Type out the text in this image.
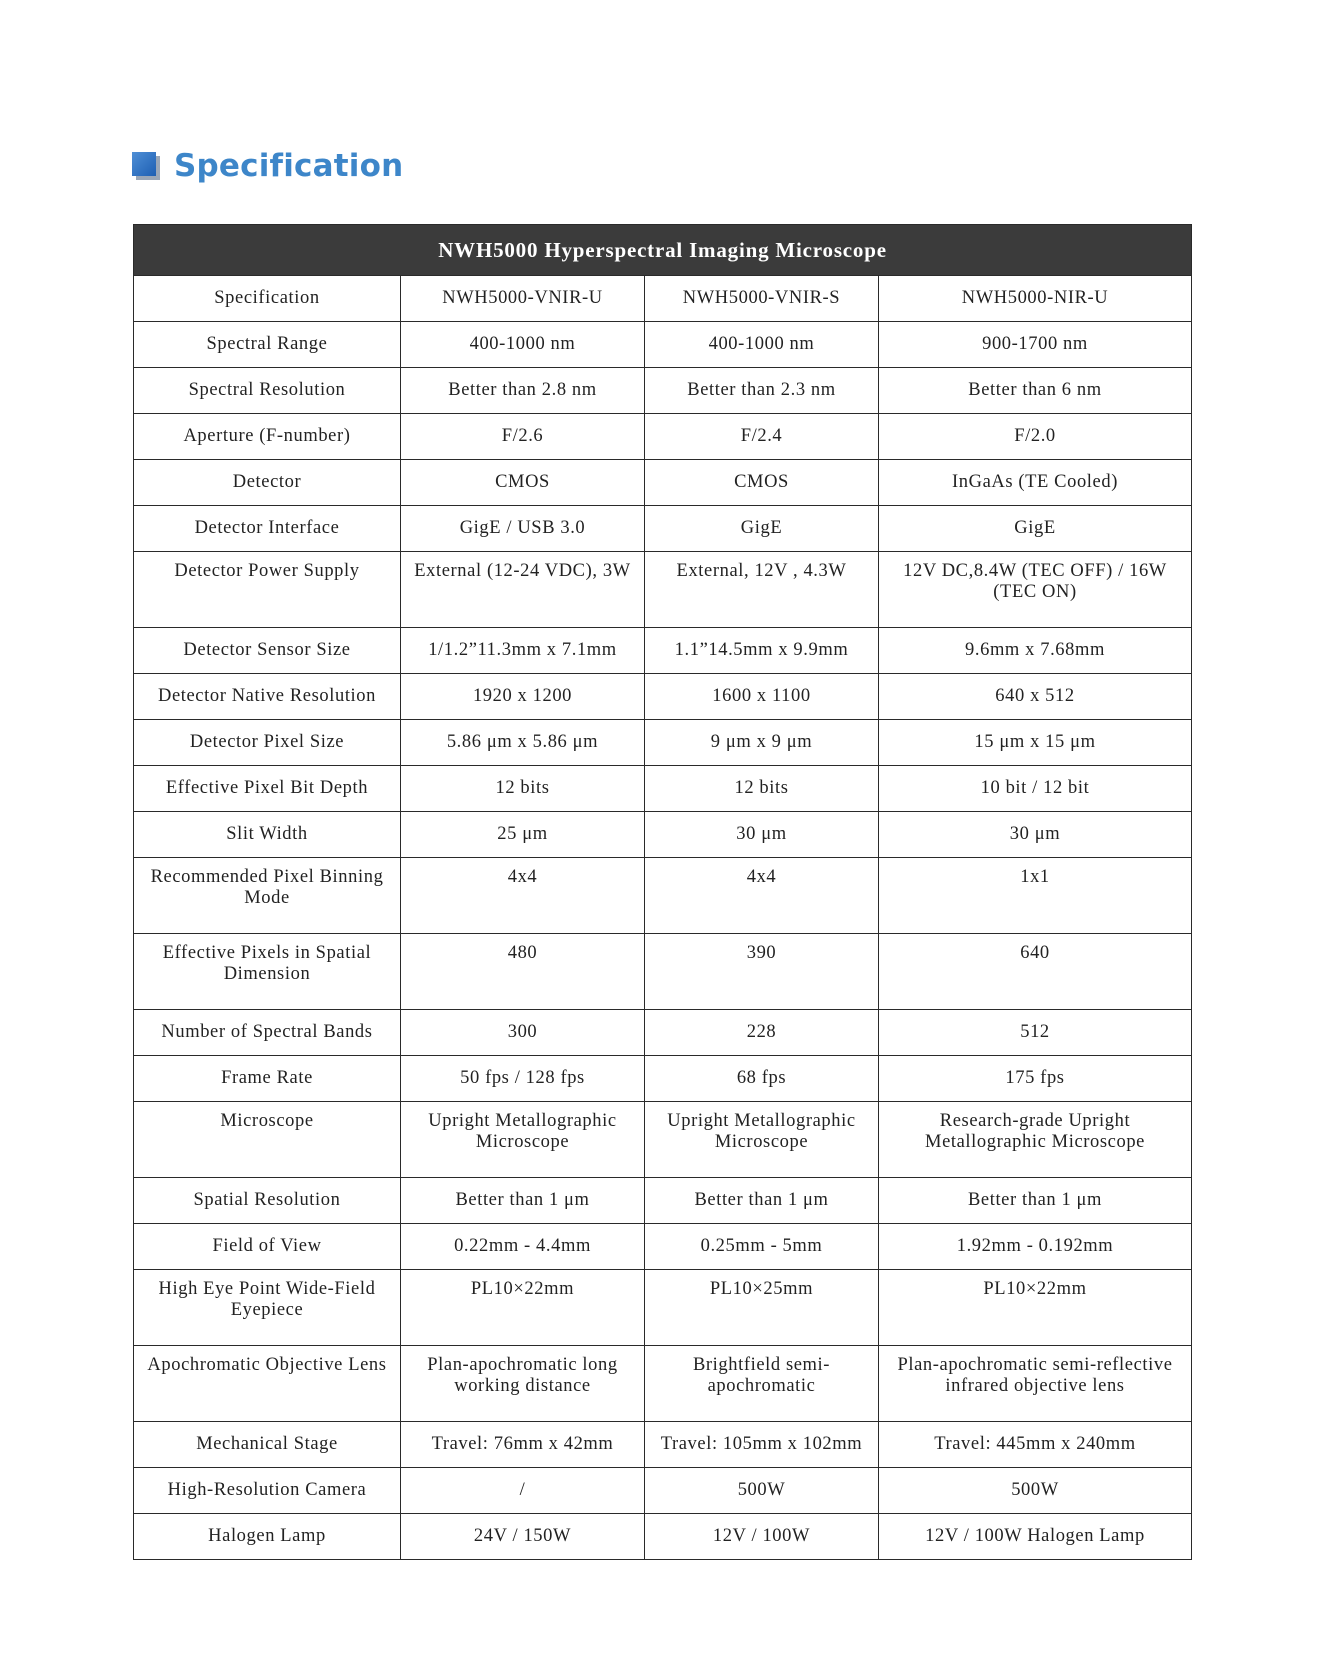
Specification
NWH5000 Hyperspectral Imaging Microscope			
Specification	NWH5000-VNIR-U	NWH5000-VNIR-S	NWH5000-NIR-U
Spectral Range	400-1000 nm	400-1000 nm	900-1700 nm
Spectral Resolution	Better than 2.8 nm	Better than 2.3 nm	Better than 6 nm
Aperture (F-number)	F/2.6	F/2.4	F/2.0
Detector	CMOS	CMOS	InGaAs (TE Cooled)
Detector Interface	GigE / USB 3.0	GigE	GigE
Detector Power Supply	External (12-24 VDC), 3W	External, 12V , 4.3W	12V DC,8.4W (TEC OFF) / 16W (TEC ON)
Detector Sensor Size	1/1.2”11.3mm x 7.1mm	1.1”14.5mm x 9.9mm	9.6mm x 7.68mm
Detector Native Resolution	1920 x 1200	1600 x 1100	640 x 512
Detector Pixel Size	5.86 μm x 5.86 μm	9 μm x 9 μm	15 μm x 15 μm
Effective Pixel Bit Depth	12 bits	12 bits	10 bit / 12 bit
Slit Width	25 μm	30 μm	30 μm
Recommended Pixel Binning Mode	4x4	4x4	1x1
Effective Pixels in Spatial Dimension	480	390	640
Number of Spectral Bands	300	228	512
Frame Rate	50 fps / 128 fps	68 fps	175 fps
Microscope	Upright Metallographic Microscope	Upright Metallographic Microscope	Research-grade Upright Metallographic Microscope
Spatial Resolution	Better than 1 μm	Better than 1 μm	Better than 1 μm
Field of View	0.22mm - 4.4mm	0.25mm - 5mm	1.92mm - 0.192mm
High Eye Point Wide-Field Eyepiece	PL10×22mm	PL10×25mm	PL10×22mm
Apochromatic Objective Lens	Plan-apochromatic long working distance	Brightfield semi-apochromatic	Plan-apochromatic semi-reflective infrared objective lens
Mechanical Stage	Travel: 76mm x 42mm	Travel: 105mm x 102mm	Travel: 445mm x 240mm
High-Resolution Camera	/	500W	500W
Halogen Lamp	24V / 150W	12V / 100W	12V / 100W Halogen Lamp
